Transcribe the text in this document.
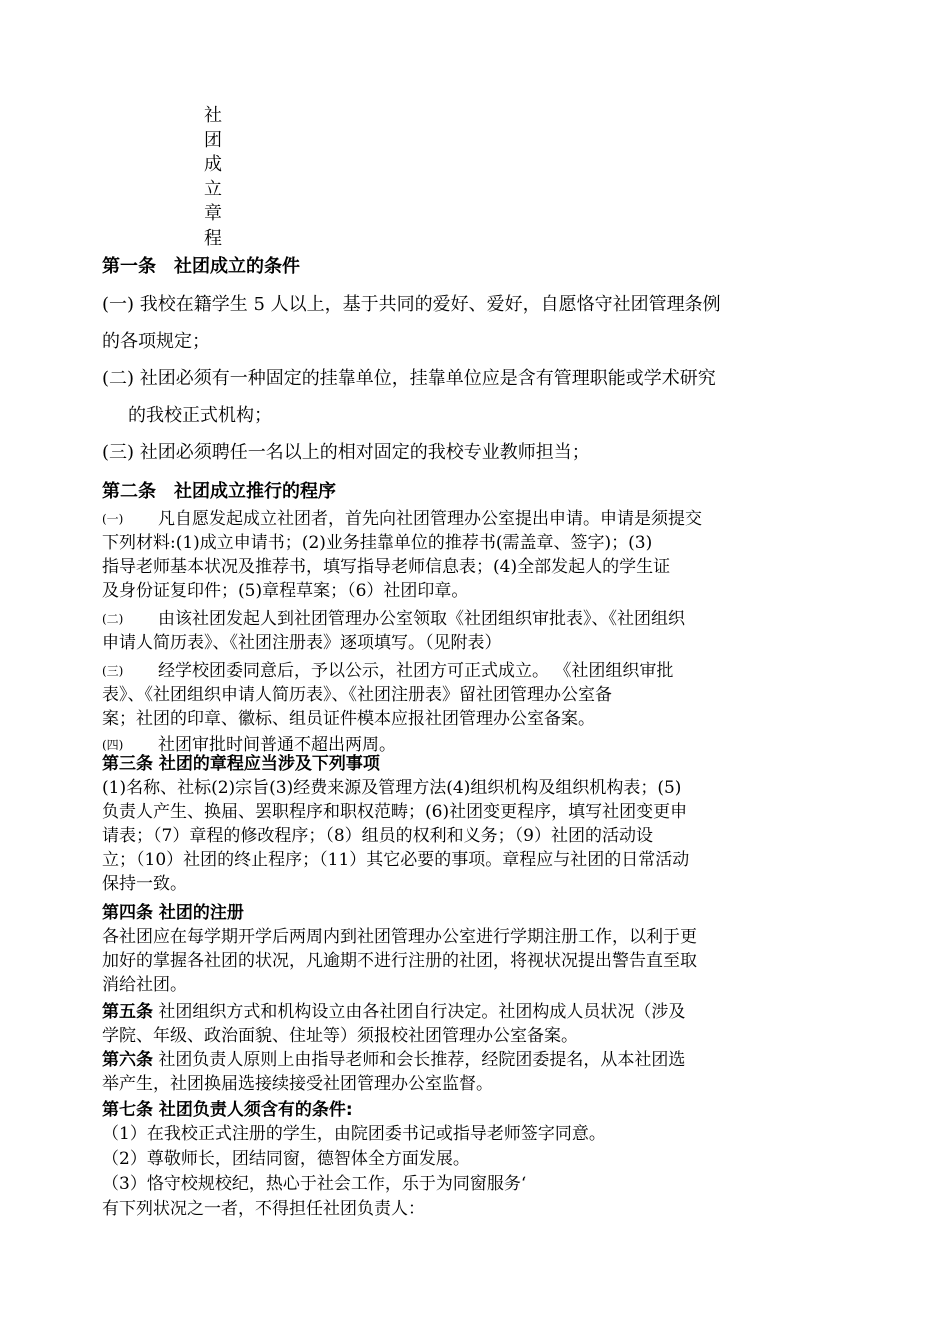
社
团
成
立
章
程
第一条　社团成立的条件
(一) 我校在籍学生 5 人以上，基于共同的爱好、爱好，自愿恪守社团管理条例
的各项规定；
(二) 社团必须有一种固定的挂靠单位，挂靠单位应是含有管理职能或学术研究
的我校正式机构；
(三) 社团必须聘任一名以上的相对固定的我校专业教师担当；
第二条　社团成立推行的程序
(一)	凡自愿发起成立社团者，首先向社团管理办公室提出申请。申请是须提交
下列材料:(1)成立申请书；(2)业务挂靠单位的推荐书(需盖章、签字)；(3)
指导老师基本状况及推荐书，填写指导老师信息表；(4)全部发起人的学生证
及身份证复印件；(5)章程草案；（6）社团印章。
(二)	由该社团发起人到社团管理办公室领取《社团组织审批表》、《社团组织
申请人简历表》、《社团注册表》逐项填写。（见附表）
(三)	经学校团委同意后，予以公示，社团方可正式成立。 《社团组织审批
表》、《社团组织申请人简历表》、《社团注册表》留社团管理办公室备
案；社团的印章、徽标、组员证件模本应报社团管理办公室备案。
(四)	社团审批时间普通不超出两周。
第三条 社团的章程应当涉及下列事项
(1)名称、社标(2)宗旨(3)经费来源及管理方法(4)组织机构及组织机构表；(5)
负责人产生、换届、罢职程序和职权范畴；(6)社团变更程序，填写社团变更申
请表；（7）章程的修改程序；（8）组员的权利和义务；（9）社团的活动设
立；（10）社团的终止程序；（11）其它必要的事项。章程应与社团的日常活动
保持一致。
第四条 社团的注册
各社团应在每学期开学后两周内到社团管理办公室进行学期注册工作，以利于更
加好的掌握各社团的状况，凡逾期不进行注册的社团，将视状况提出警告直至取
消给社团。
第五条 社团组织方式和机构设立由各社团自行决定。社团构成人员状况（涉及
学院、年级、政治面貌、住址等）须报校社团管理办公室备案。
第六条 社团负责人原则上由指导老师和会长推荐，经院团委提名，从本社团选
举产生，社团换届选接续接受社团管理办公室监督。
第七条 社团负责人须含有的条件:
（1）在我校正式注册的学生，由院团委书记或指导老师签字同意。
（2）尊敬师长，团结同窗，德智体全方面发展。
（3）恪守校规校纪，热心于社会工作，乐于为同窗服务‘
有下列状况之一者，不得担任社团负责人：
